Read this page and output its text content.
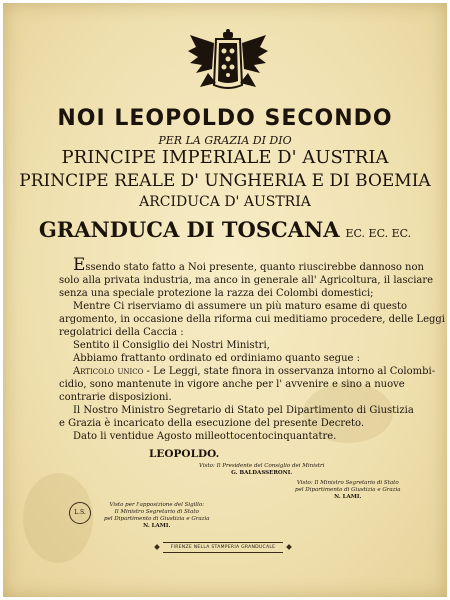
NOI LEOPOLDO SECONDO
PER LA GRAZIA DI DIO
PRINCIPE IMPERIALE D' AUSTRIA
PRINCIPE REALE D' UNGHERIA E DI BOEMIA
ARCIDUCA D' AUSTRIA
GRANDUCA DI TOSCANA EC. EC. EC.
Essendo stato fatto a Noi presente, quanto riuscirebbe dannoso non
solo alla privata industria, ma anco in generale all' Agricoltura, il lasciare
senza una speciale protezione la razza dei Colombi domestici;
Mentre Ci riserviamo di assumere un più maturo esame di questo
argomento, in occasione della riforma cui meditiamo procedere, delle Leggi
regolatrici della Caccia :
Sentito il Consiglio dei Nostri Ministri,
Abbiamo frattanto ordinato ed ordiniamo quanto segue :
Articolo unico - Le Leggi, state finora in osservanza intorno al Colombi-
cidio, sono mantenute in vigore anche per l' avvenire e sino a nuove
contrarie disposizioni.
Il Nostro Ministro Segretario di Stato pel Dipartimento di Giustizia
e Grazia è incaricato della esecuzione del presente Decreto.
Dato li ventidue Agosto milleottocentocinquantatre.
LEOPOLDO.
Visto: Il Presidente del Consiglio dei Ministri
G. BALDASSERONI.
Visto: Il Ministro Segretario di Stato
pel Dipartimento di Giustizia e Grazia
N. LAMI.
L.S.
Visto per l'apposizione del Sigillo:
Il Ministro Segretario di Stato
pel Dipartimento di Giustizia e Grazia
N. LAMI.
FIRENZE NELLA STAMPERIA GRANDUCALE
